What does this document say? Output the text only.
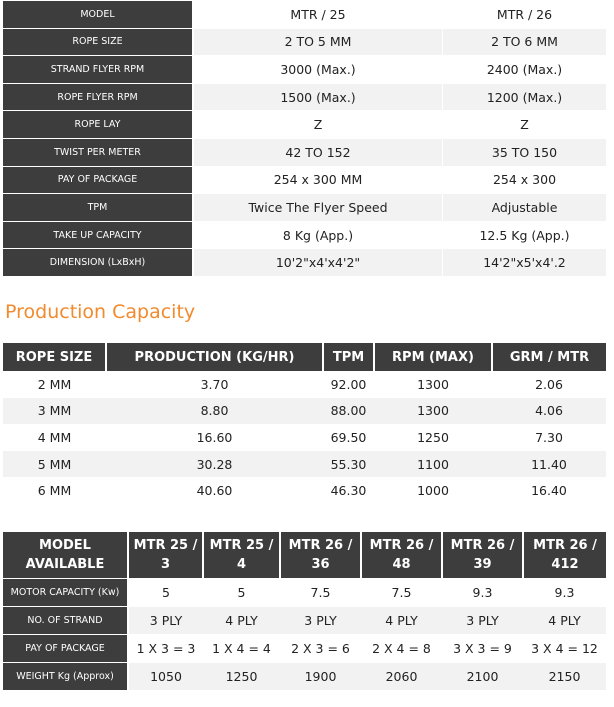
MODEL	MTR / 25	MTR / 26
ROPE SIZE	2 TO 5 MM	2 TO 6 MM
STRAND FLYER RPM	3000 (Max.)	2400 (Max.)
ROPE FLYER RPM	1500 (Max.)	1200 (Max.)
ROPE LAY	Z	Z
TWIST PER METER	42 TO 152	35 TO 150
PAY OF PACKAGE	254 x 300 MM	254 x 300
TPM	Twice The Flyer Speed	Adjustable
TAKE UP CAPACITY	8 Kg (App.)	12.5 Kg (App.)
DIMENSION (LxBxH)	10'2"x4'x4'2"	14'2"x5'x4'.2
Production Capacity
ROPE SIZE	PRODUCTION (KG/HR)	TPM	RPM (MAX)	GRM / MTR
2 MM	3.70	92.00	1300	2.06
3 MM	8.80	88.00	1300	4.06
4 MM	16.60	69.50	1250	7.30
5 MM	30.28	55.30	1100	11.40
6 MM	40.60	46.30	1000	16.40
MODEL AVAILABLE	MTR 25 / 3	MTR 25 / 4	MTR 26 / 36	MTR 26 / 48	MTR 26 / 39	MTR 26 / 412
MOTOR CAPACITY (Kw)	5	5	7.5	7.5	9.3	9.3
NO. OF STRAND	3 PLY	4 PLY	3 PLY	4 PLY	3 PLY	4 PLY
PAY OF PACKAGE	1 X 3 = 3	1 X 4 = 4	2 X 3 = 6	2 X 4 = 8	3 X 3 = 9	3 X 4 = 12
WEIGHT Kg (Approx)	1050	1250	1900	2060	2100	2150
